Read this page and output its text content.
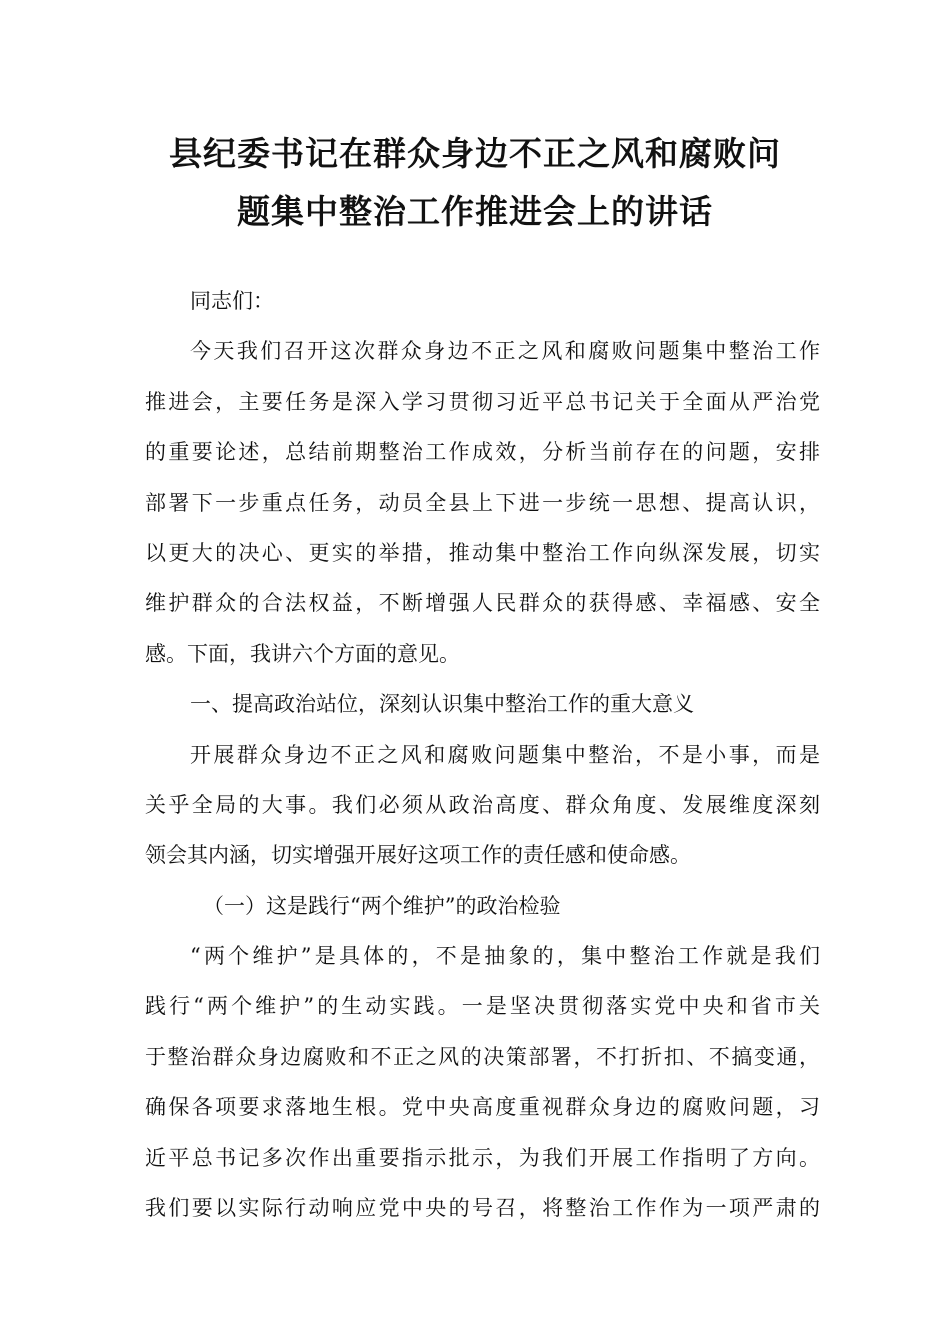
县纪委书记在群众身边不正之风和腐败问
题集中整治工作推进会上的讲话
同志们：
今天我们召开这次群众身边不正之风和腐败问题集中整治工作
推进会，主要任务是深入学习贯彻习近平总书记关于全面从严治党
的重要论述，总结前期整治工作成效，分析当前存在的问题，安排
部署下一步重点任务，动员全县上下进一步统一思想、提高认识，
以更大的决心、更实的举措，推动集中整治工作向纵深发展，切实
维护群众的合法权益，不断增强人民群众的获得感、幸福感、安全
感。下面，我讲六个方面的意见。
一、提高政治站位，深刻认识集中整治工作的重大意义
开展群众身边不正之风和腐败问题集中整治，不是小事，而是
关乎全局的大事。我们必须从政治高度、群众角度、发展维度深刻
领会其内涵，切实增强开展好这项工作的责任感和使命感。
（一）这是践行“两个维护”的政治检验
“两个维护”是具体的，不是抽象的，集中整治工作就是我们
践行“两个维护”的生动实践。一是坚决贯彻落实党中央和省市关
于整治群众身边腐败和不正之风的决策部署，不打折扣、不搞变通，
确保各项要求落地生根。党中央高度重视群众身边的腐败问题，习
近平总书记多次作出重要指示批示，为我们开展工作指明了方向。
我们要以实际行动响应党中央的号召，将整治工作作为一项严肃的
